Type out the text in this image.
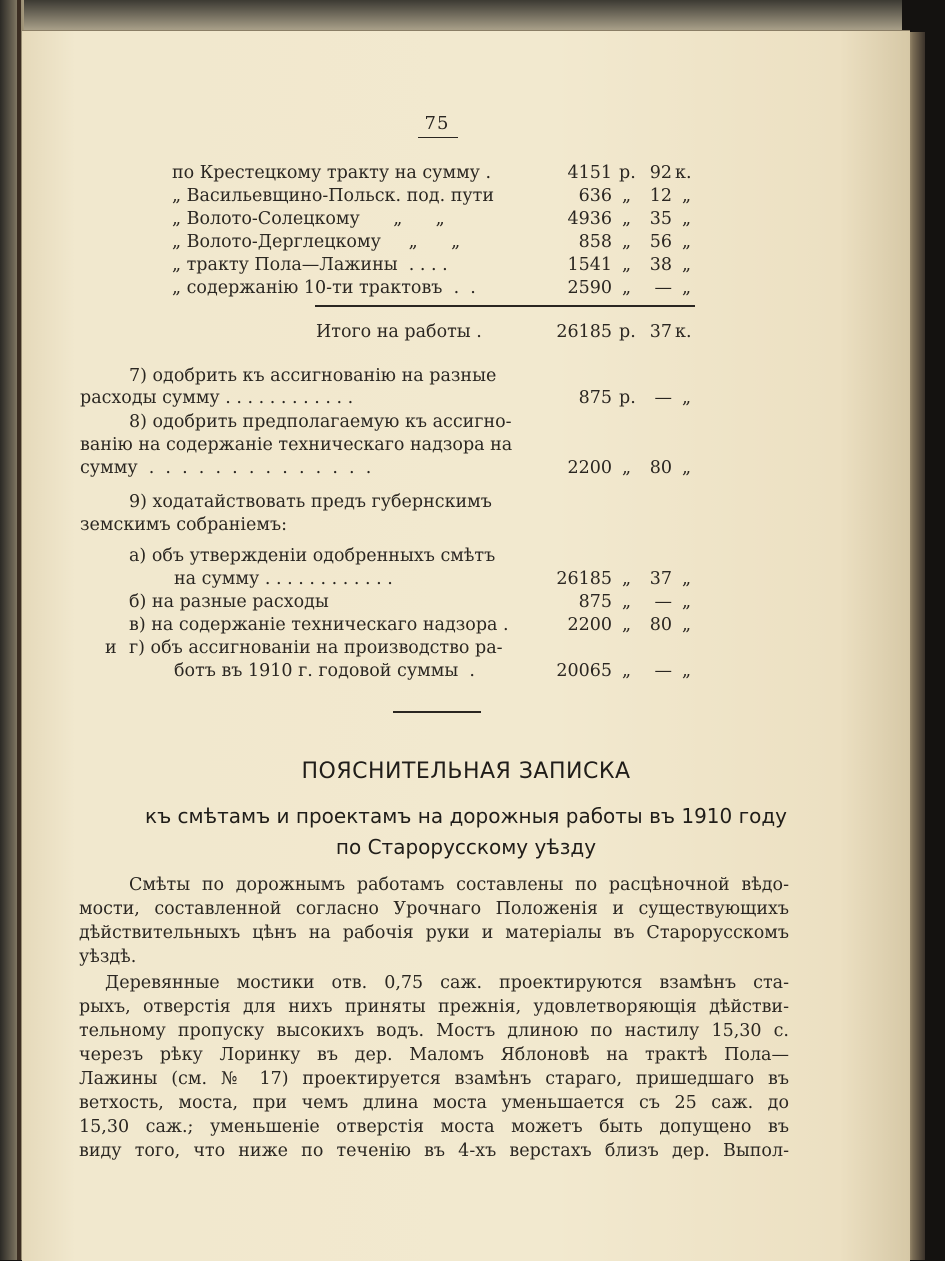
75
по Крестецкому тракту на сумму .	4151 р. 92 к.
„ Васильевщино-Польск. под. пути	636 „	12 „
„ Волото-Солецкому      „      „	4936 „	35 „
„ Волото-Дерглецкому     „      „	858 „	56 „
„ тракту Пола—Лажины  . . . .	1541 „	38 „
„ содержанію 10-ти трактовъ  .  .	2590 „	— „
Итого на работы .	26185 р. 37 к.
7) одобрить къ ассигнованію на разные
расходы сумму . . . . . . . . . . . .	875 р.	— „
8) одобрить предполагаемую къ ассигно-
ванію на содержаніе техническаго надзора на
сумму  .  .  .  .  .  .  .  .  .  .  .  .  .  .	2200 „	80 „
9) ходатайствовать предъ губернскимъ
земскимъ собраніемъ:
а) объ утвержденіи одобренныхъ смѣтъ
на сумму . . . . . . . . . . . .	26185 „	37 „
б) на разные расходы	875 „	— „
в) на содержаніе техническаго надзора .	2200 „	80 „
и г) объ ассигнованіи на производство ра-
ботъ въ 1910 г. годовой суммы  .	20065 „	— „
ПОЯСНИТЕЛЬНАЯ ЗАПИСКА
къ смѣтамъ и проектамъ на дорожныя работы въ 1910 году
по Старорусскому уѣзду
Смѣты по дорожнымъ работамъ составлены по расцѣночной вѣдо-
мости, составленной согласно Урочнаго Положенія и существующихъ
дѣйствительныхъ цѣнъ на рабочія руки и матеріалы въ Старорусскомъ
уѣздѣ.
Деревянные мостики отв. 0,75 саж. проектируются взамѣнъ ста-
рыхъ, отверстія для нихъ приняты прежнія, удовлетворяющія дѣйстви-
тельному пропуску высокихъ водъ. Мостъ длиною по настилу 15,30 с.
черезъ рѣку Лоринку въ дер. Маломъ Яблоновѣ на трактѣ Пола—
Лажины (см. № 17) проектируется взамѣнъ стараго, пришедшаго въ
ветхость, моста, при чемъ длина моста уменьшается съ 25 саж. до
15,30 саж.; уменьшеніе отверстія моста можетъ быть допущено въ
виду того, что ниже по теченію въ 4-хъ верстахъ близъ дер. Выпол-
